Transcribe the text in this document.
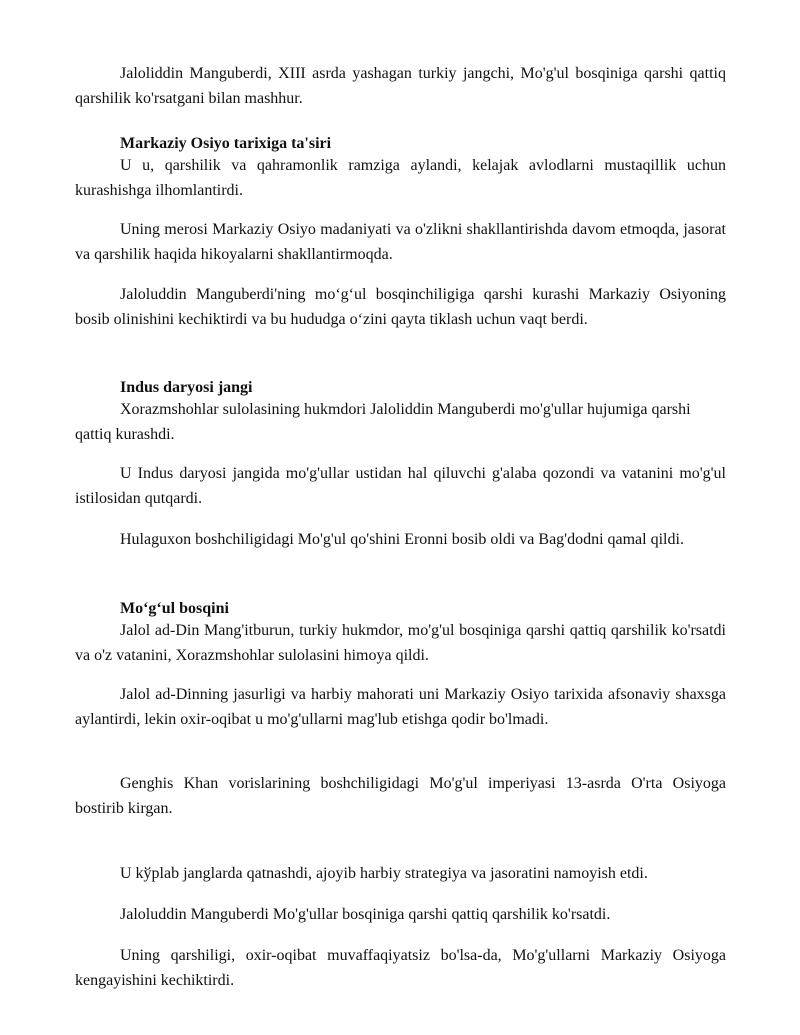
Jaloliddin Manguberdi, XIII asrda yashagan turkiy jangchi, Mo'g'ul bosqiniga qarshi qattiq qarshilik ko'rsatgani bilan mashhur.

Markaziy Osiyo tarixiga ta'siri

U u, qarshilik va qahramonlik ramziga aylandi, kelajak avlodlarni mustaqillik uchun kurashishga ilhomlantirdi.

Uning merosi Markaziy Osiyo madaniyati va o'zlikni shakllantirishda davom etmoqda, jasorat va qarshilik haqida hikoyalarni shakllantirmoqda.

Jaloluddin Manguberdi'ning mo‘g‘ul bosqinchiligiga qarshi kurashi Markaziy Osiyoning bosib olinishini kechiktirdi va bu hududga o‘zini qayta tiklash uchun vaqt berdi.

Indus daryosi jangi

Xorazmshohlar sulolasining hukmdori Jaloliddin Manguberdi mo'g'ullar hujumiga qarshi qattiq kurashdi.

U Indus daryosi jangida mo'g'ullar ustidan hal qiluvchi g'alaba qozondi va vatanini mo'g'ul istilosidan qutqardi.

Hulaguxon boshchiligidagi Mo'g'ul qo'shini Eronni bosib oldi va Bag'dodni qamal qildi.

Mo‘g‘ul bosqini

Jalol ad-Din Mang'itburun, turkiy hukmdor, mo'g'ul bosqiniga qarshi qattiq qarshilik ko'rsatdi va o'z vatanini, Xorazmshohlar sulolasini himoya qildi.

Jalol ad-Dinning jasurligi va harbiy mahorati uni Markaziy Osiyo tarixida afsonaviy shaxsga aylantirdi, lekin oxir-oqibat u mo'g'ullarni mag'lub etishga qodir bo'lmadi.

Genghis Khan vorislarining boshchiligidagi Mo'g'ul imperiyasi 13-asrda O'rta Osiyoga bostirib kirgan.

U kўplab janglarda qatnashdi, ajoyib harbiy strategiya va jasoratini namoyish etdi.

Jaloluddin Manguberdi Mo'g'ullar bosqiniga qarshi qattiq qarshilik ko'rsatdi.

Uning qarshiligi, oxir-oqibat muvaffaqiyatsiz bo'lsa-da, Mo'g'ullarni Markaziy Osiyoga kengayishini kechiktirdi.
